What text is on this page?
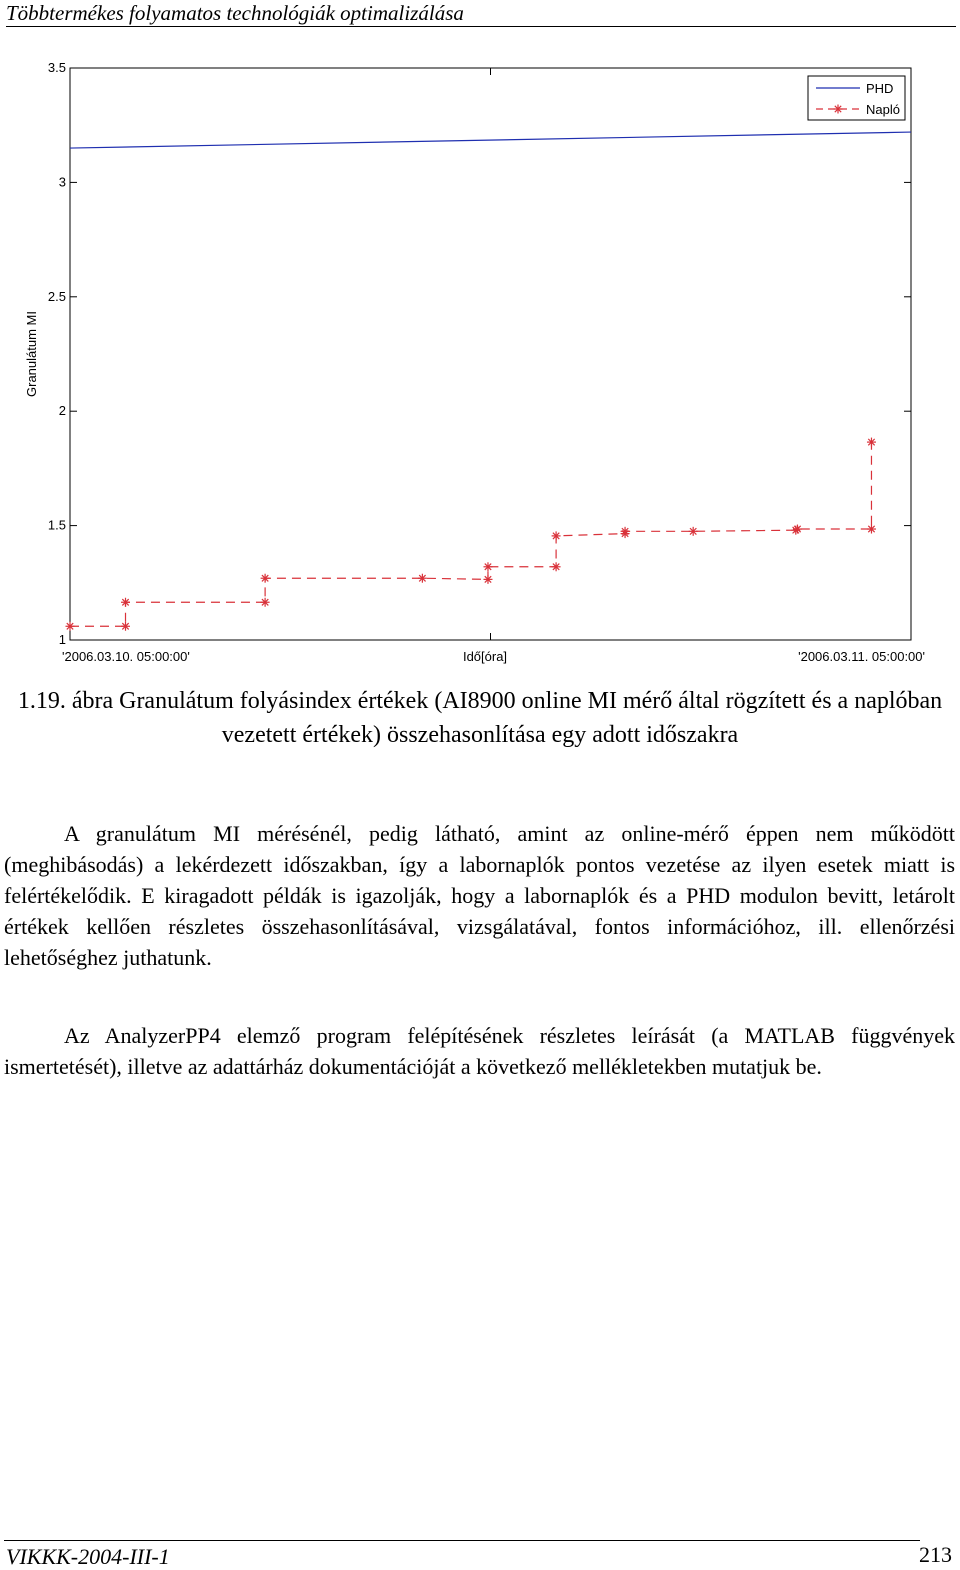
Többtermékes folyamatos technológiák optimalizálása
1
1.5
2
2.5
3
3.5
'2006.03.10. 05:00:00'	'2006.03.11. 05:00:00'
Granulátum MI
Idő[óra]
PHD
Napló
1.19. ábra Granulátum folyásindex értékek (AI8900 online MI mérő által rögzített és a naplóban vezetett értékek) összehasonlítása egy adott időszakra

A granulátum MI mérésénél, pedig látható, amint az online-mérő éppen nem működött (meghibásodás) a lekérdezett időszakban, így a labornaplók pontos vezetése az ilyen esetek miatt is felértékelődik. E kiragadott példák is igazolják, hogy a labornaplók és a PHD modulon bevitt, letárolt értékek kellően részletes összehasonlításával, vizsgálatával, fontos információhoz, ill. ellenőrzési lehetőséghez juthatunk.

Az AnalyzerPP4 elemző program felépítésének részletes leírását (a MATLAB függvények ismertetését), illetve az adattárház dokumentációját a következő mellékletekben mutatjuk be.

VIKKK-2004-III-1	213
